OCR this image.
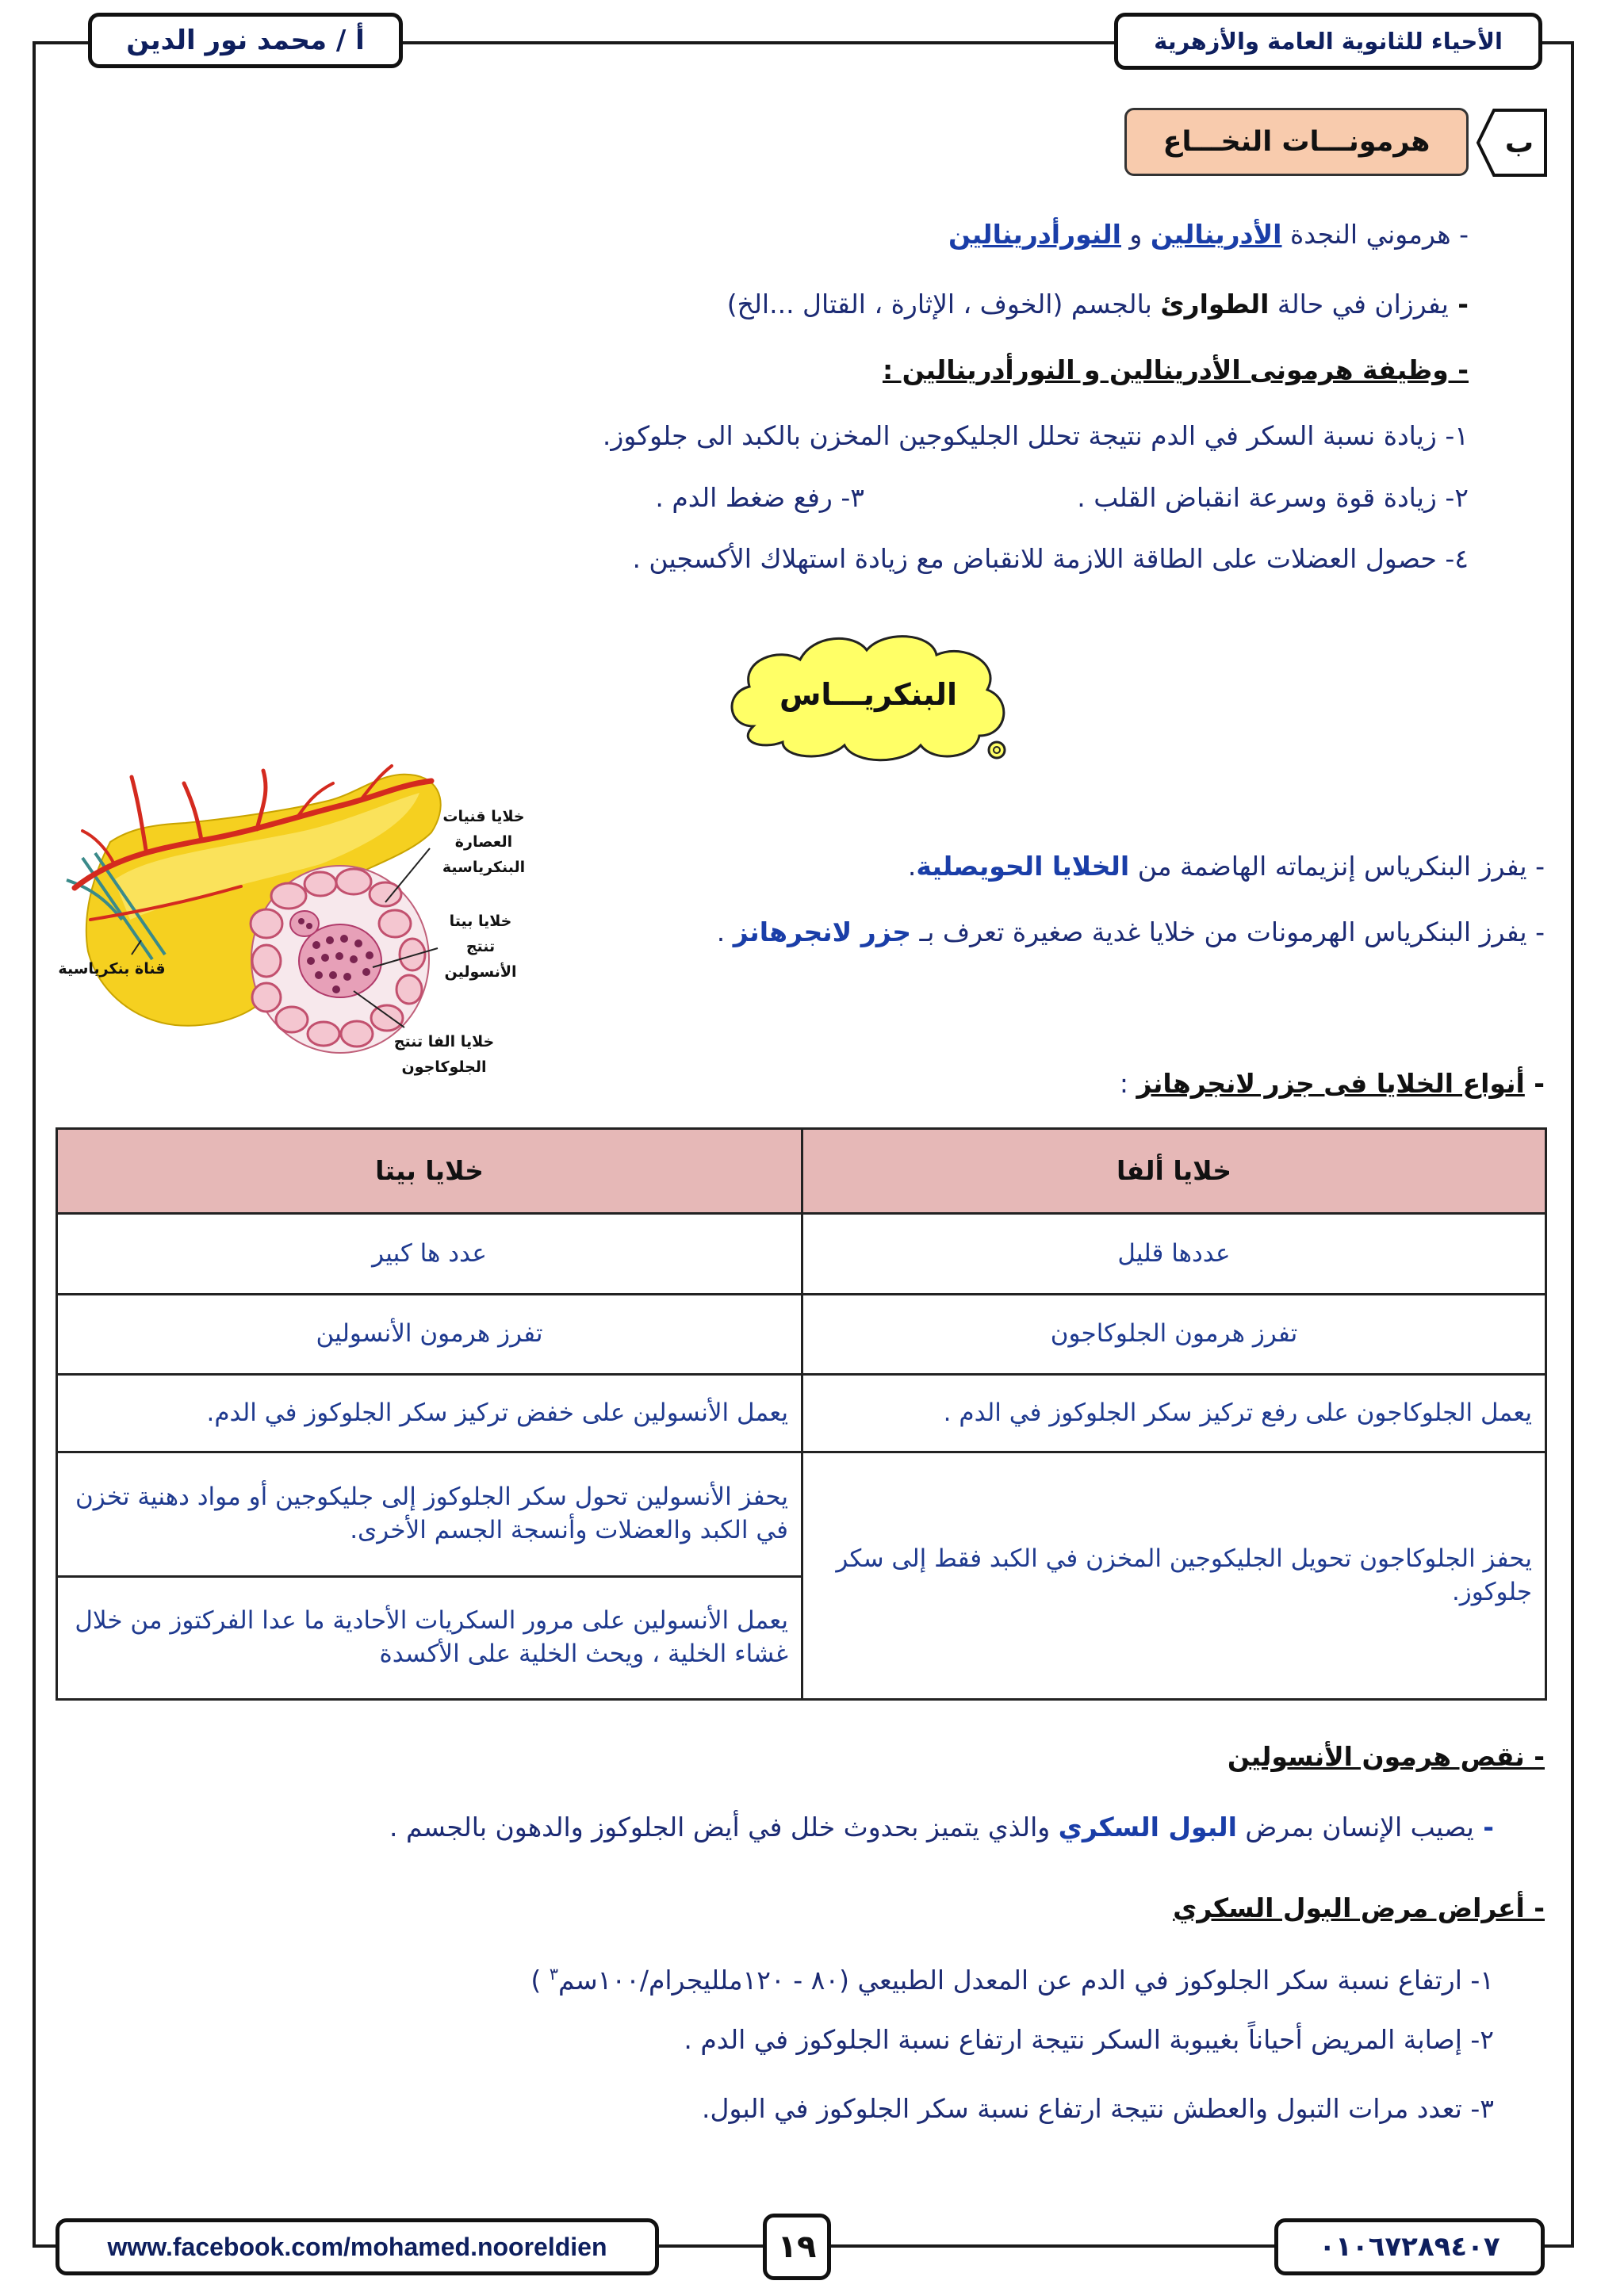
أ / محمد نور الدين	الأحياء للثانوية العامة والأزهرية
ب
هرمونـــات النخـــاع
- هرموني النجدة الأدرينالين و النورأدرينالين
- يفرزان في حالة الطوارئ بالجسم (الخوف ، الإثارة ، القتال ...الخ)
- وظيفة هرمونى الأدرينالين و النورأدرينالين :
١- زيادة نسبة السكر في الدم نتيجة تحلل الجليكوجين المخزن بالكبد الى جلوكوز.
٢- زيادة قوة وسرعة انقباض القلب .
٣- رفع ضغط الدم .
٤- حصول العضلات على الطاقة اللازمة للانقباض مع زيادة استهلاك الأكسجين .
البنكريـــاس
خلايا قنيات
العصارة
البنكرياسية
خلايا بيتا
تنتج
الأنسولين
خلايا الفا تنتج
الجلوكاجون
قناة بنكرياسية
- يفرز البنكرياس إنزيماته الهاضمة من الخلايا الحويصلية.
- يفرز البنكرياس الهرمونات من خلايا غدية صغيرة تعرف بـ جزر لانجرهانز .
- أنواع الخلايا فى جزر لانجرهانز :
خلايا ألفا	خلايا بيتا
عددها قليل	عدد ها كبير
تفرز هرمون الجلوكاجون	تفرز هرمون الأنسولين
يعمل الجلوكاجون على رفع تركيز سكر الجلوكوز في الدم .	يعمل الأنسولين على خفض تركيز سكر الجلوكوز في الدم.
يحفز الجلوكاجون تحويل الجليكوجين المخزن في الكبد فقط إلى سكر جلوكوز.	يحفز الأنسولين تحول سكر الجلوكوز إلى جليكوجين أو مواد دهنية تخزن في الكبد والعضلات وأنسجة الجسم الأخرى.
	يعمل الأنسولين على مرور السكريات الأحادية ما عدا الفركتوز من خلال غشاء الخلية ، ويحث الخلية على الأكسدة
- نقص هرمون الأنسولين
- يصيب الإنسان بمرض البول السكري والذي يتميز بحدوث خلل في أيض الجلوكوز والدهون بالجسم .
- أعراض مرض البول السكري
١- ارتفاع نسبة سكر الجلوكوز في الدم عن المعدل الطبيعي (٨٠ - ١٢٠ملليجرام/١٠٠سم$^٣$ )
٢- إصابة المريض أحياناً بغيبوبة السكر نتيجة ارتفاع نسبة الجلوكوز في الدم .
٣- تعدد مرات التبول والعطش نتيجة ارتفاع نسبة سكر الجلوكوز في البول.
www.facebook.com/mohamed.nooreldien	١٩	٠١٠٦٧٢٨٩٤٠٧
